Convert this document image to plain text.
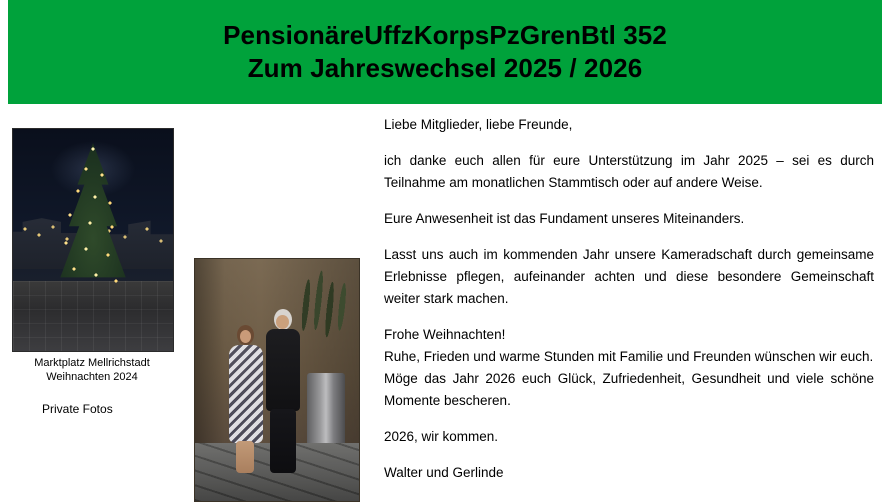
PensionäreUffzKorpsPzGrenBtl 352
Zum Jahreswechsel 2025 / 2026
Marktplatz Mellrichstadt
Weihnachten 2024
Private Fotos

Liebe Mitglieder, liebe Freunde,

ich danke euch allen für eure Unterstützung im Jahr 2025 – sei es durch Teilnahme am monatlichen Stammtisch oder auf andere Weise.

Eure Anwesenheit ist das Fundament unseres Miteinanders.

Lasst uns auch im kommenden Jahr unsere Kameradschaft durch gemeinsame Erlebnisse pflegen, aufeinander achten und diese besondere Gemeinschaft weiter stark machen.

Frohe Weihnachten!

Ruhe, Frieden und warme Stunden mit Familie und Freunden wünschen wir euch.

Möge das Jahr 2026 euch Glück, Zufriedenheit, Gesundheit und viele schöne Momente bescheren.

2026, wir kommen.

Walter und Gerlinde
